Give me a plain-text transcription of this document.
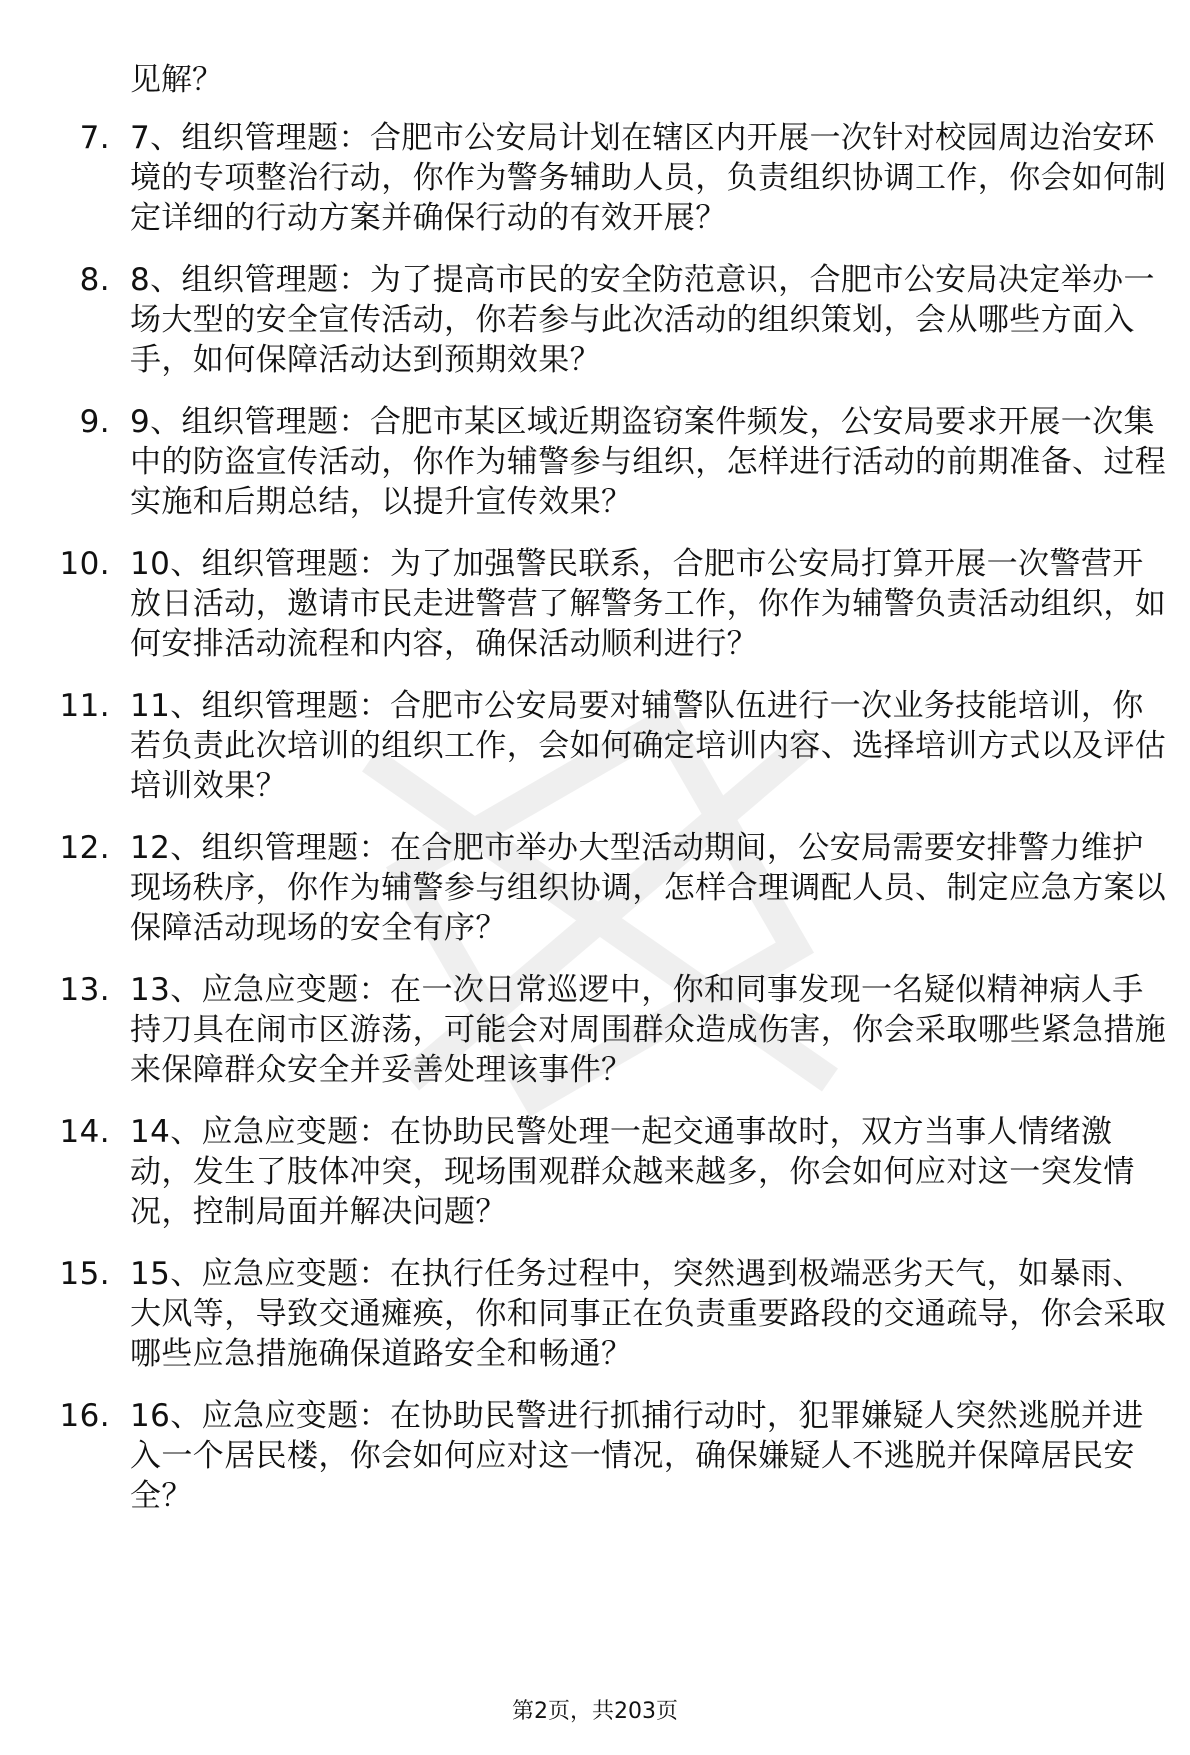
见解？

7. 7、组织管理题：合肥市公安局计划在辖区内开展一次针对校园周边治安环境的专项整治行动，你作为警务辅助人员，负责组织协调工作，你会如何制定详细的行动方案并确保行动的有效开展？
8. 8、组织管理题：为了提高市民的安全防范意识，合肥市公安局决定举办一场大型的安全宣传活动，你若参与此次活动的组织策划，会从哪些方面入手，如何保障活动达到预期效果？
9. 9、组织管理题：合肥市某区域近期盗窃案件频发，公安局要求开展一次集中的防盗宣传活动，你作为辅警参与组织，怎样进行活动的前期准备、过程实施和后期总结，以提升宣传效果？
10. 10、组织管理题：为了加强警民联系，合肥市公安局打算开展一次警营开放日活动，邀请市民走进警营了解警务工作，你作为辅警负责活动组织，如何安排活动流程和内容，确保活动顺利进行？
11. 11、组织管理题：合肥市公安局要对辅警队伍进行一次业务技能培训，你若负责此次培训的组织工作，会如何确定培训内容、选择培训方式以及评估培训效果？
12. 12、组织管理题：在合肥市举办大型活动期间，公安局需要安排警力维护现场秩序，你作为辅警参与组织协调，怎样合理调配人员、制定应急方案以保障活动现场的安全有序？
13. 13、应急应变题：在一次日常巡逻中，你和同事发现一名疑似精神病人手持刀具在闹市区游荡，可能会对周围群众造成伤害，你会采取哪些紧急措施来保障群众安全并妥善处理该事件？
14. 14、应急应变题：在协助民警处理一起交通事故时，双方当事人情绪激动，发生了肢体冲突，现场围观群众越来越多，你会如何应对这一突发情况，控制局面并解决问题？
15. 15、应急应变题：在执行任务过程中，突然遇到极端恶劣天气，如暴雨、大风等，导致交通瘫痪，你和同事正在负责重要路段的交通疏导，你会采取哪些应急措施确保道路安全和畅通？
16. 16、应急应变题：在协助民警进行抓捕行动时，犯罪嫌疑人突然逃脱并进入一个居民楼，你会如何应对这一情况，确保嫌疑人不逃脱并保障居民安全？
第2页，共203页
